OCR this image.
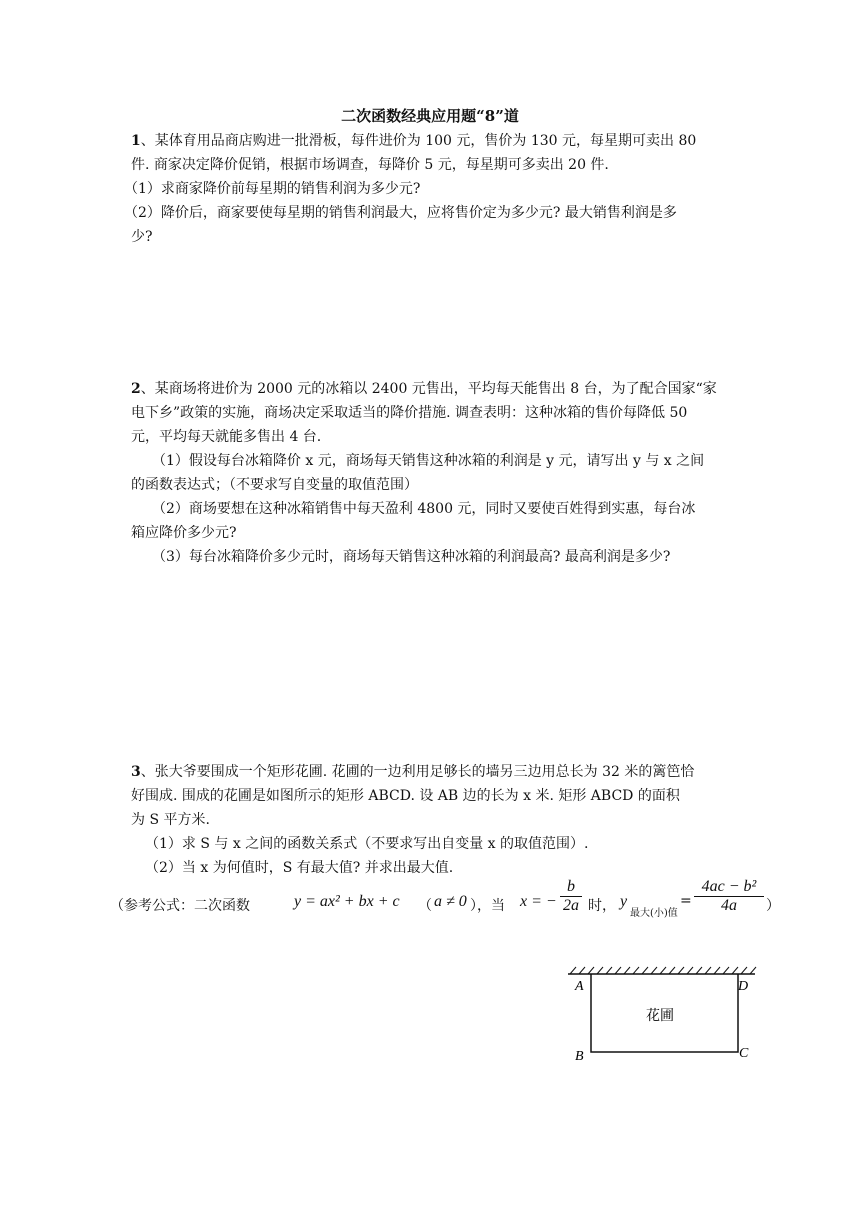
二次函数经典应用题“8”道
1、某体育用品商店购进一批滑板，每件进价为 100 元，售价为 130 元，每星期可卖出 80
件. 商家决定降价促销，根据市场调查，每降价 5 元，每星期可多卖出 20 件.
（1）求商家降价前每星期的销售利润为多少元?
（2）降价后，商家要使每星期的销售利润最大，应将售价定为多少元? 最大销售利润是多
少?
2、某商场将进价为 2000 元的冰箱以 2400 元售出，平均每天能售出 8 台，为了配合国家“家
电下乡”政策的实施，商场决定采取适当的降价措施. 调查表明：这种冰箱的售价每降低 50
元，平均每天就能多售出 4 台.
（1）假设每台冰箱降价 x 元，商场每天销售这种冰箱的利润是 y 元，请写出 y 与 x 之间
的函数表达式；（不要求写自变量的取值范围）
（2）商场要想在这种冰箱销售中每天盈利 4800 元，同时又要使百姓得到实惠，每台冰
箱应降价多少元?
（3）每台冰箱降价多少元时，商场每天销售这种冰箱的利润最高? 最高利润是多少?
3、张大爷要围成一个矩形花圃. 花圃的一边利用足够长的墙另三边用总长为 32 米的篱笆恰
好围成. 围成的花圃是如图所示的矩形 ABCD. 设 AB 边的长为 x 米. 矩形 ABCD 的面积
为 S 平方米.
（1）求 S 与 x 之间的函数关系式（不要求写出自变量 x 的取值范围）.
（2）当 x 为何值时，S 有最大值? 并求出最大值.
（参考公式：二次函数	y = ax² + bx + c （ a ≠ 0 ），当 x = − $\frac{b}{2a}$ 时， y
最大(小)值
= $\frac{\text{4ac − b²}}{4a}$ ）
A	D
B	C
花圃
